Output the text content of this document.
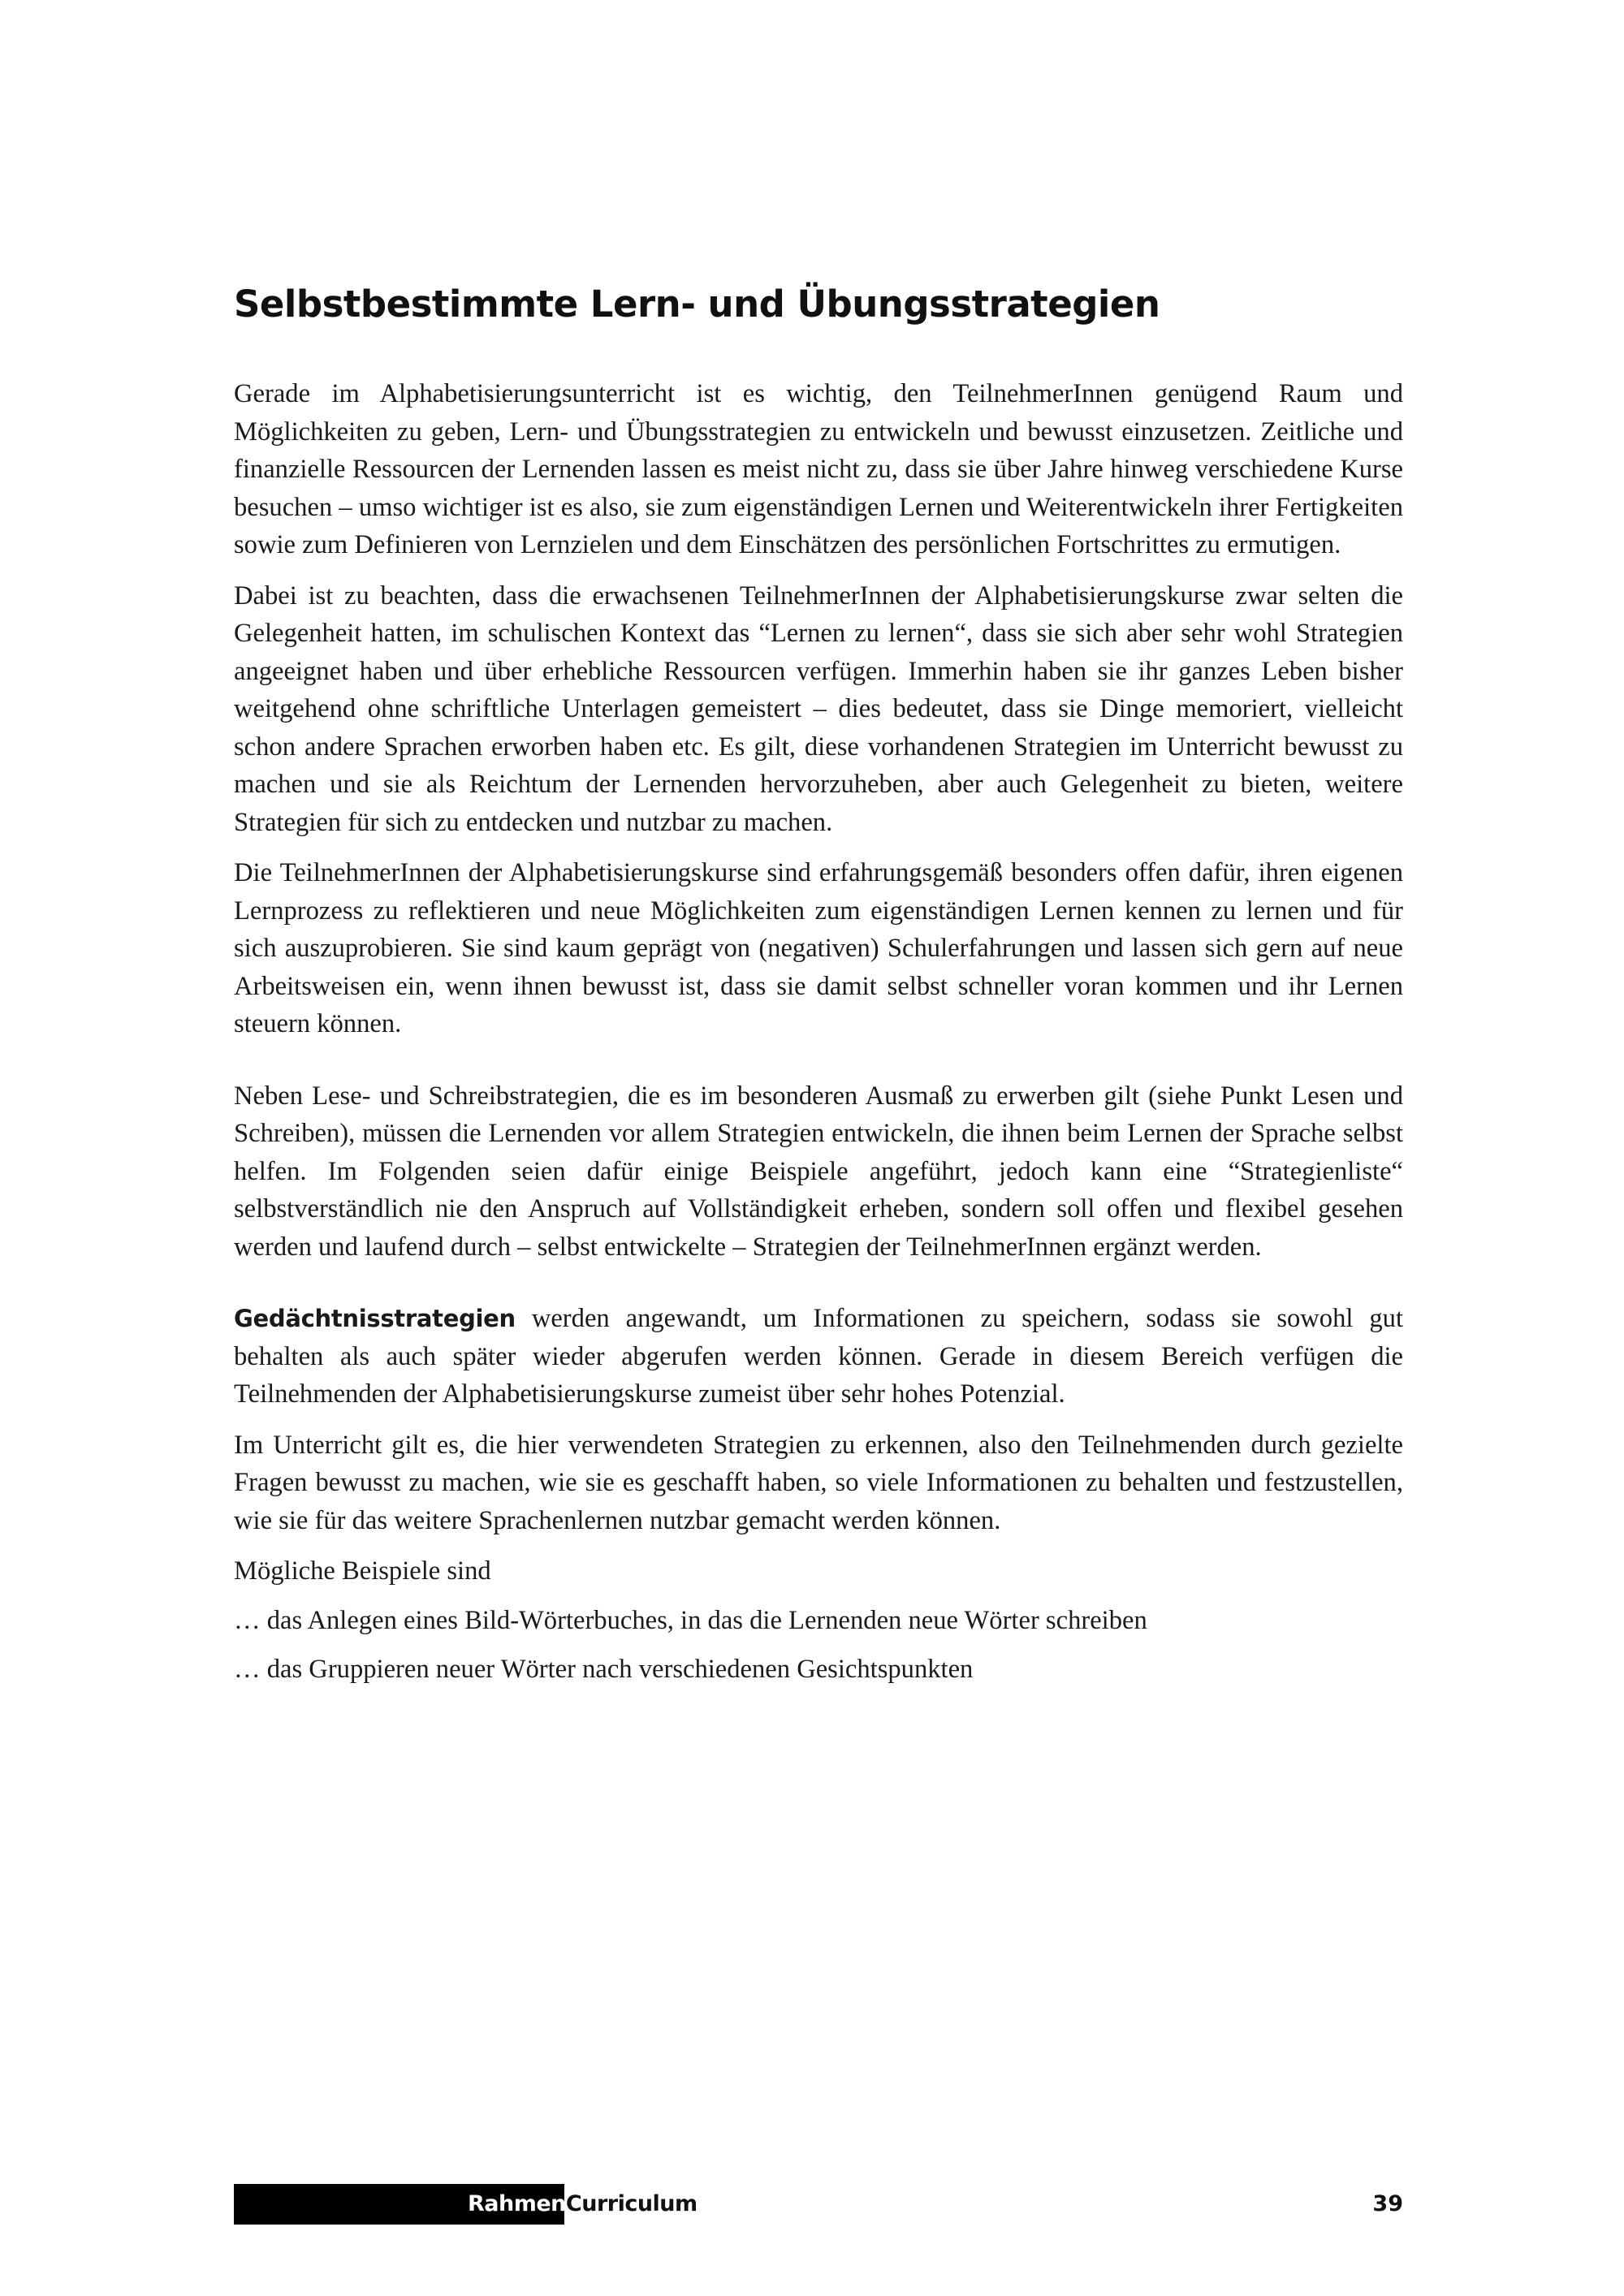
Selbstbestimmte Lern- und Übungsstrategien

Gerade im Alphabetisierungsunterricht ist es wichtig, den TeilnehmerInnen genügend Raum und Möglichkeiten zu geben, Lern- und Übungsstrategien zu entwickeln und bewusst einzusetzen. Zeitliche und finanzielle Ressourcen der Lernenden lassen es meist nicht zu, dass sie über Jahre hinweg verschiedene Kurse besuchen – umso wichtiger ist es also, sie zum eigenständigen Lernen und Weiterentwickeln ihrer Fertigkeiten sowie zum Definieren von Lernzielen und dem Einschätzen des persönlichen Fortschrittes zu ermutigen.

Dabei ist zu beachten, dass die erwachsenen TeilnehmerInnen der Alphabetisierungskurse zwar selten die Gelegenheit hatten, im schulischen Kontext das “Lernen zu lernen“, dass sie sich aber sehr wohl Strategien angeeignet haben und über erhebliche Ressourcen verfügen. Immerhin haben sie ihr ganzes Leben bisher weitgehend ohne schriftliche Unterlagen gemeistert – dies bedeutet, dass sie Dinge memoriert, vielleicht schon andere Sprachen erworben haben etc. Es gilt, diese vorhandenen Strategien im Unterricht bewusst zu machen und sie als Reichtum der Lernenden hervorzuheben, aber auch Gelegenheit zu bieten, weitere Strategien für sich zu entdecken und nutzbar zu machen.

Die TeilnehmerInnen der Alphabetisierungskurse sind erfahrungsgemäß besonders offen dafür, ihren eigenen Lernprozess zu reflektieren und neue Möglichkeiten zum eigenständigen Lernen kennen zu lernen und für sich auszuprobieren. Sie sind kaum geprägt von (negativen) Schulerfahrungen und lassen sich gern auf neue Arbeitsweisen ein, wenn ihnen bewusst ist, dass sie damit selbst schneller voran kommen und ihr Lernen steuern können.

Neben Lese- und Schreibstrategien, die es im besonderen Ausmaß zu erwerben gilt (siehe Punkt Lesen und Schreiben), müssen die Lernenden vor allem Strategien entwickeln, die ihnen beim Lernen der Sprache selbst helfen. Im Folgenden seien dafür einige Beispiele angeführt, jedoch kann eine “Strategienliste“ selbstverständlich nie den Anspruch auf Vollständigkeit erheben, sondern soll offen und flexibel gesehen werden und laufend durch – selbst entwickelte – Strategien der TeilnehmerInnen ergänzt werden.

Gedächtnisstrategien werden angewandt, um Informationen zu speichern, sodass sie sowohl gut behalten als auch später wieder abgerufen werden können. Gerade in diesem Bereich verfügen die Teilnehmenden der Alphabetisierungskurse zumeist über sehr hohes Potenzial.

Im Unterricht gilt es, die hier verwendeten Strategien zu erkennen, also den Teilnehmenden durch gezielte Fragen bewusst zu machen, wie sie es geschafft haben, so viele Informationen zu behalten und festzustellen, wie sie für das weitere Sprachenlernen nutzbar gemacht werden können.

Mögliche Beispiele sind

… das Anlegen eines Bild-Wörterbuches, in das die Lernenden neue Wörter schreiben

… das Gruppieren neuer Wörter nach verschiedenen Gesichtspunkten

RahmenCurriculum	39
